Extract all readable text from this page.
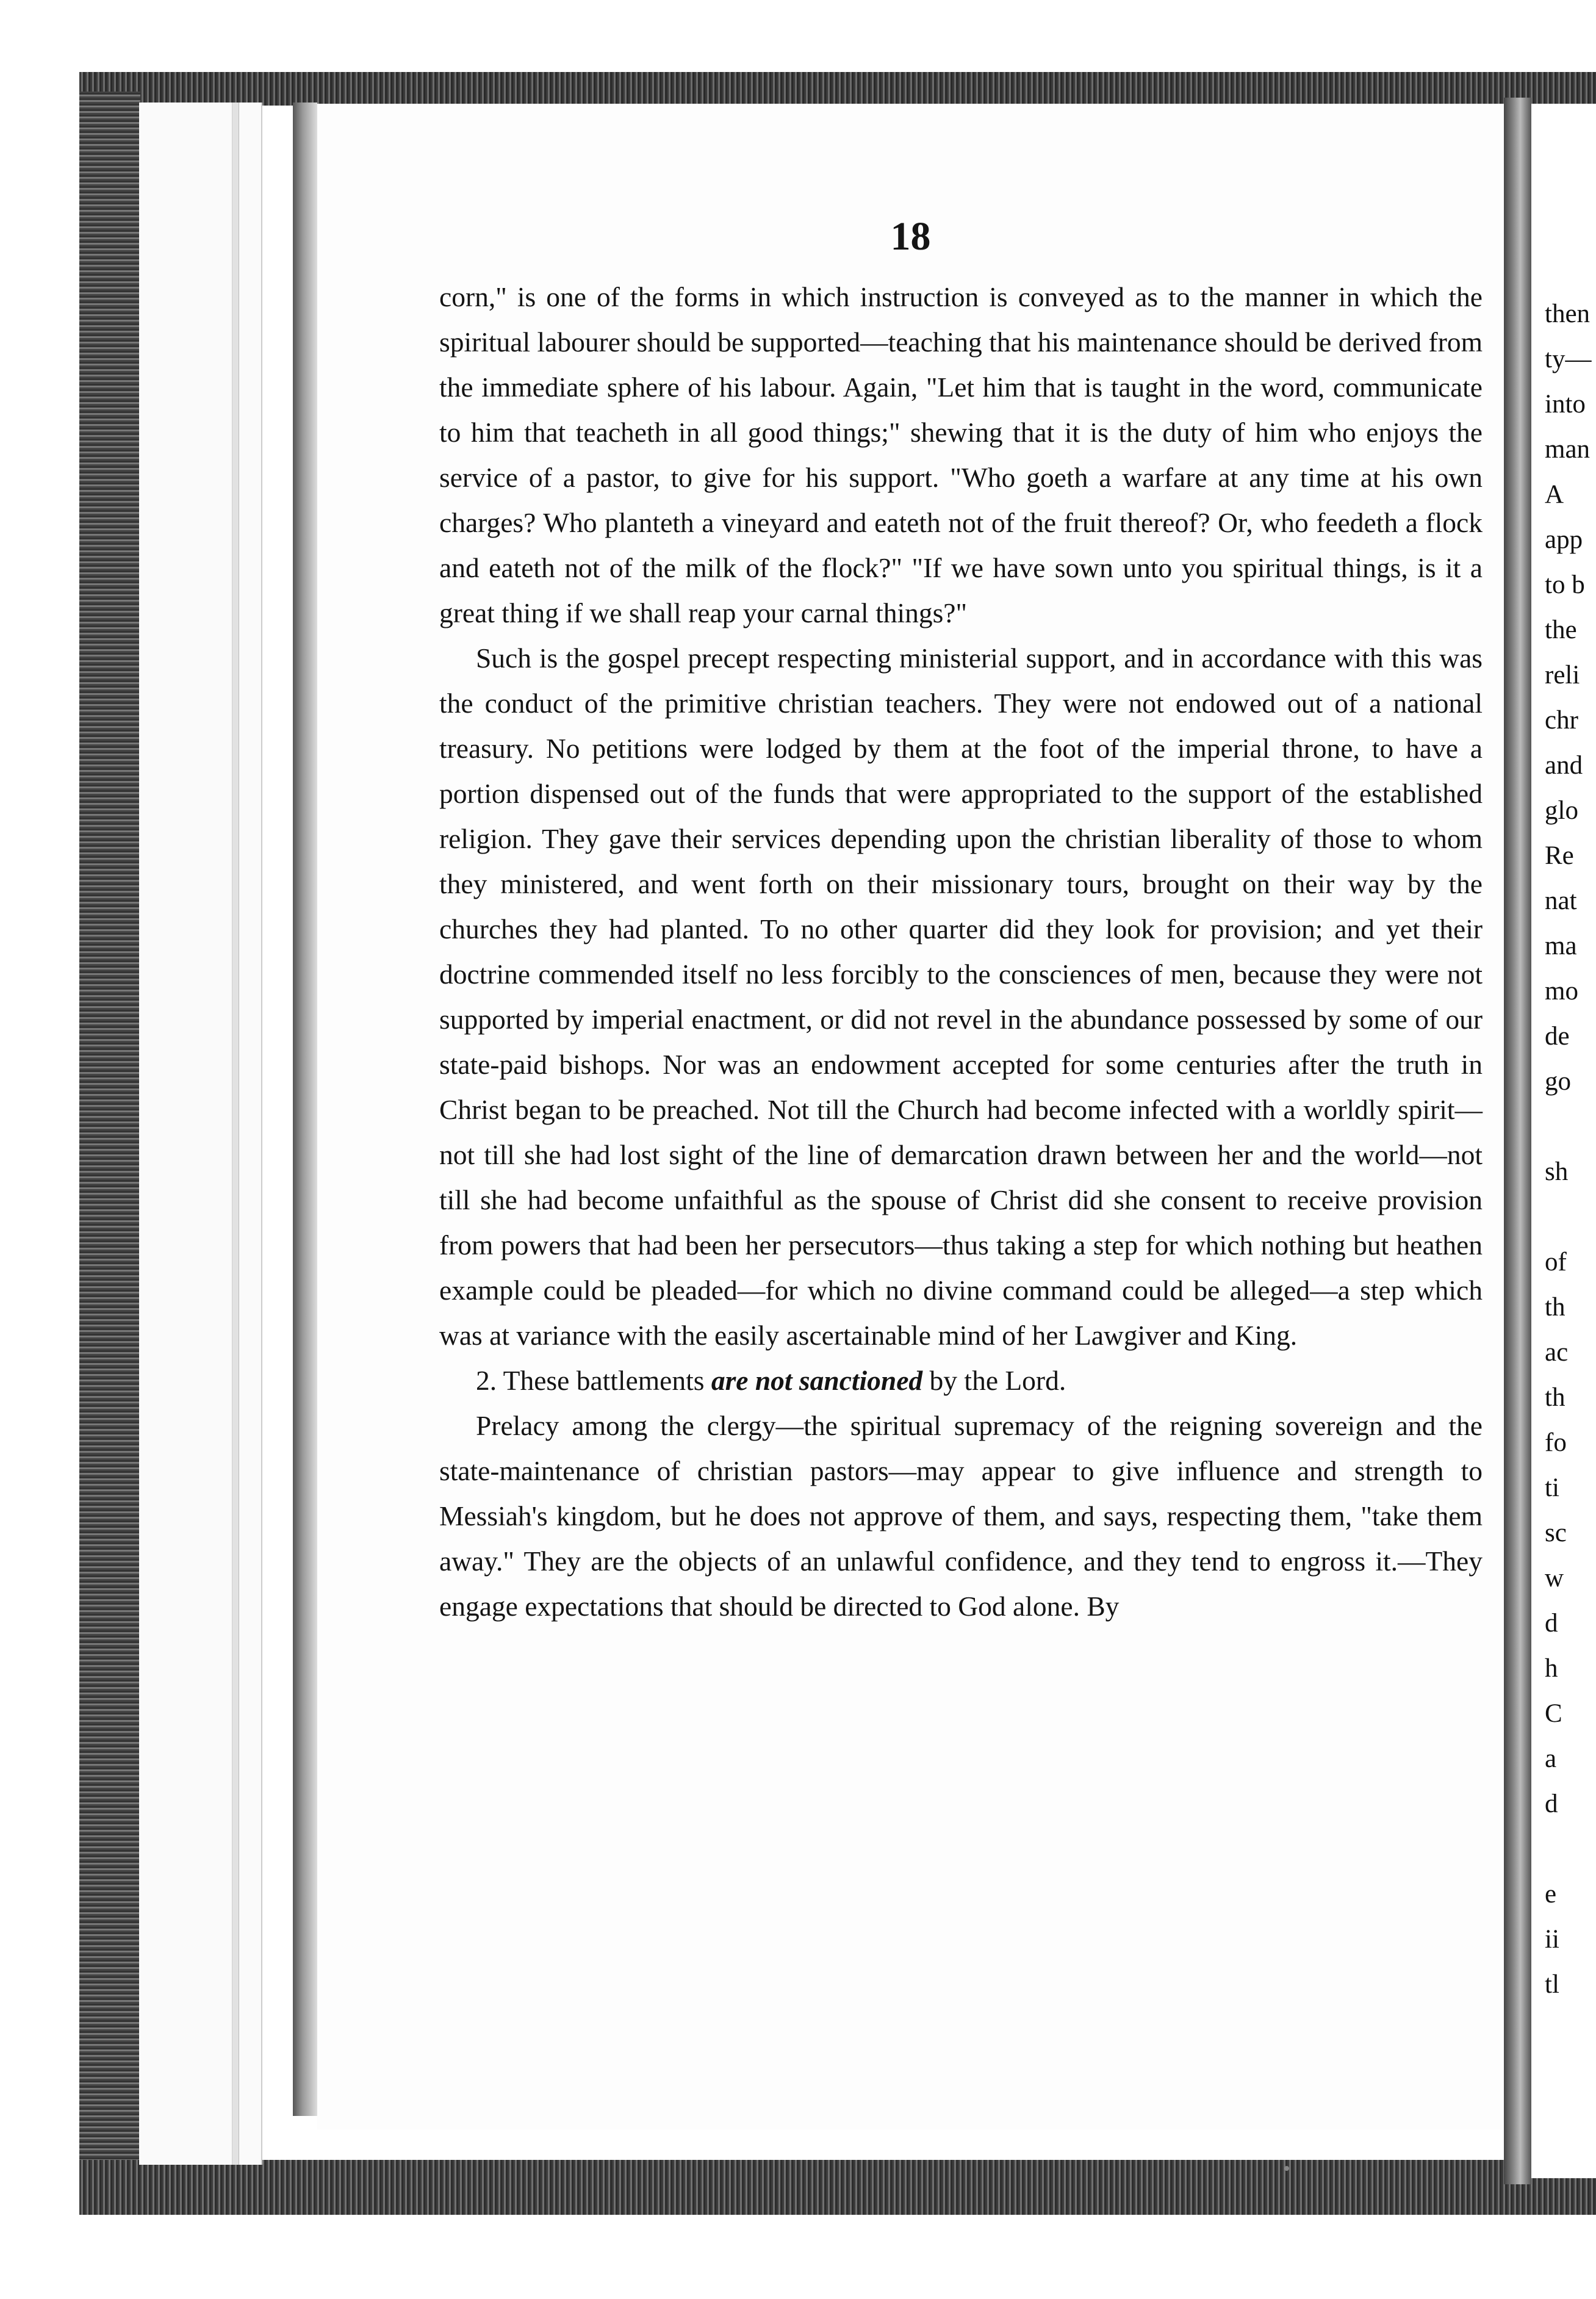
18

corn," is one of the forms in which instruction is conveyed as to the manner in which the spiritual labourer should be supported—teaching that his maintenance should be derived from the immediate sphere of his labour. Again, "Let him that is taught in the word, communicate to him that teacheth in all good things;" shewing that it is the duty of him who enjoys the service of a pastor, to give for his support. "Who goeth a warfare at any time at his own charges? Who planteth a vineyard and eateth not of the fruit thereof? Or, who feedeth a flock and eateth not of the milk of the flock?" "If we have sown unto you spiritual things, is it a great thing if we shall reap your carnal things?"

Such is the gospel precept respecting ministerial support, and in accordance with this was the conduct of the primitive christian teachers. They were not endowed out of a national treasury. No petitions were lodged by them at the foot of the imperial throne, to have a portion dispensed out of the funds that were appropriated to the support of the established religion. They gave their services depending upon the christian liberality of those to whom they ministered, and went forth on their missionary tours, brought on their way by the churches they had planted. To no other quarter did they look for provision; and yet their doctrine commended itself no less forcibly to the consciences of men, because they were not supported by imperial enactment, or did not revel in the abundance possessed by some of our state-paid bishops. Nor was an endowment accepted for some centuries after the truth in Christ began to be preached. Not till the Church had become infected with a worldly spirit—not till she had lost sight of the line of demarcation drawn between her and the world—not till she had become unfaithful as the spouse of Christ did she consent to receive provision from powers that had been her persecutors—thus taking a step for which nothing but heathen example could be pleaded—for which no divine command could be alleged—a step which was at variance with the easily ascertainable mind of her Lawgiver and King.

2. These battlements are not sanctioned by the Lord.

Prelacy among the clergy—the spiritual supremacy of the reigning sovereign and the state-maintenance of christian pastors—may appear to give influence and strength to Messiah's kingdom, but he does not approve of them, and says, respecting them, "take them away." They are the objects of an unlawful confidence, and they tend to engross it.—They engage expectations that should be directed to God alone. By

then
ty—
into
man
A
app
to b
the
reli
chr
and
glo
Re
nat
ma
mo
de
go
sh
of
th
ac
th
fo
ti
sc
w
d
h
C
a
d
e
ii
tl
